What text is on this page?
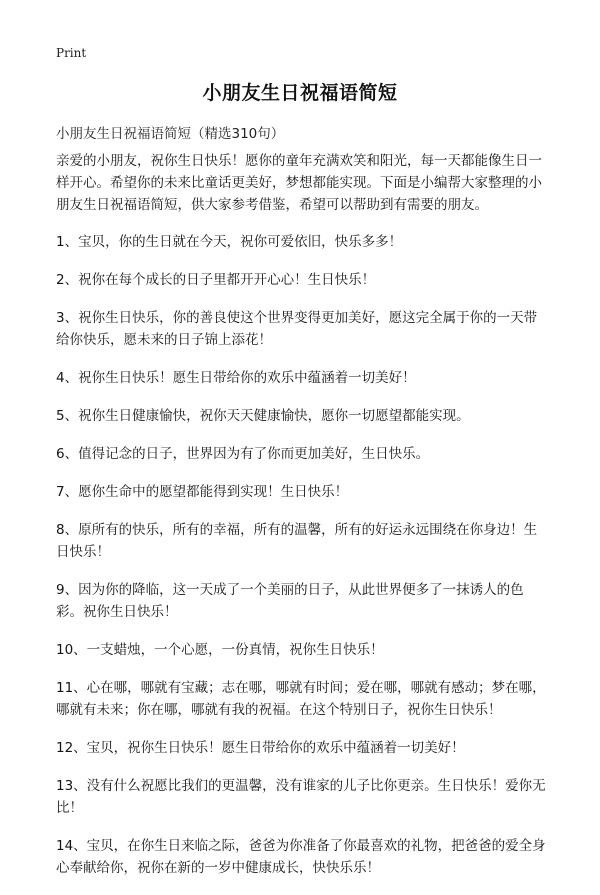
Print
小朋友生日祝福语简短
小朋友生日祝福语简短（精选310句）

亲爱的小朋友，祝你生日快乐！愿你的童年充满欢笑和阳光，每一天都能像生日一样开心。希望你的未来比童话更美好，梦想都能实现。下面是小编帮大家整理的小朋友生日祝福语简短，供大家参考借鉴，希望可以帮助到有需要的朋友。

1、宝贝，你的生日就在今天，祝你可爱依旧，快乐多多！

2、祝你在每个成长的日子里都开开心心！生日快乐！

3、祝你生日快乐，你的善良使这个世界变得更加美好，愿这完全属于你的一天带给你快乐，愿未来的日子锦上添花！

4、祝你生日快乐！愿生日带给你的欢乐中蕴涵着一切美好！

5、祝你生日健康愉快，祝你天天健康愉快，愿你一切愿望都能实现。

6、值得记念的日子，世界因为有了你而更加美好，生日快乐。

7、愿你生命中的愿望都能得到实现！生日快乐！

8、原所有的快乐，所有的幸福，所有的温馨，所有的好运永远围绕在你身边！生日快乐！

9、因为你的降临，这一天成了一个美丽的日子，从此世界便多了一抹诱人的色彩。祝你生日快乐！

10、一支蜡烛，一个心愿，一份真情，祝你生日快乐！

11、心在哪，哪就有宝藏；志在哪，哪就有时间；爱在哪，哪就有感动；梦在哪，哪就有未来；你在哪，哪就有我的祝福。在这个特别日子，祝你生日快乐！

12、宝贝，祝你生日快乐！愿生日带给你的欢乐中蕴涵着一切美好！

13、没有什么祝愿比我们的更温馨，没有谁家的儿子比你更亲。生日快乐！爱你无比！

14、宝贝，在你生日来临之际，爸爸为你准备了你最喜欢的礼物，把爸爸的爱全身心奉献给你，祝你在新的一岁中健康成长，快快乐乐！
